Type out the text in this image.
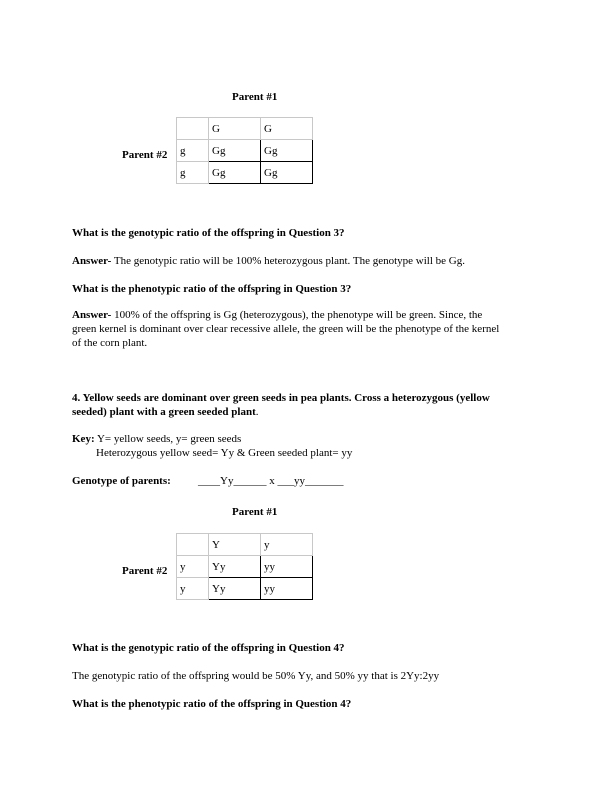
Parent #1
Parent #2
	G	G
g	Gg	Gg
g	Gg	Gg
What is the genotypic ratio of the offspring in Question 3?
Answer- The genotypic ratio will be 100% heterozygous plant. The genotype will be Gg.
What is the phenotypic ratio of the offspring in Question 3?
Answer- 100% of the offspring is Gg (heterozygous), the phenotype will be green. Since, the
green kernel is dominant over clear recessive allele, the green will be the phenotype of the kernel
of the corn plant.
4. Yellow seeds are dominant over green seeds in pea plants. Cross a heterozygous (yellow
seeded) plant with a green seeded plant.
Key: Y= yellow seeds, y= green seeds
Heterozygous yellow seed= Yy & Green seeded plant= yy
Genotype of parents: ____Yy______ x ___yy_______
Parent #1
Parent #2
	Y	y
y	Yy	yy
y	Yy	yy
What is the genotypic ratio of the offspring in Question 4?
The genotypic ratio of the offspring would be 50% Yy, and 50% yy that is 2Yy:2yy
What is the phenotypic ratio of the offspring in Question 4?
